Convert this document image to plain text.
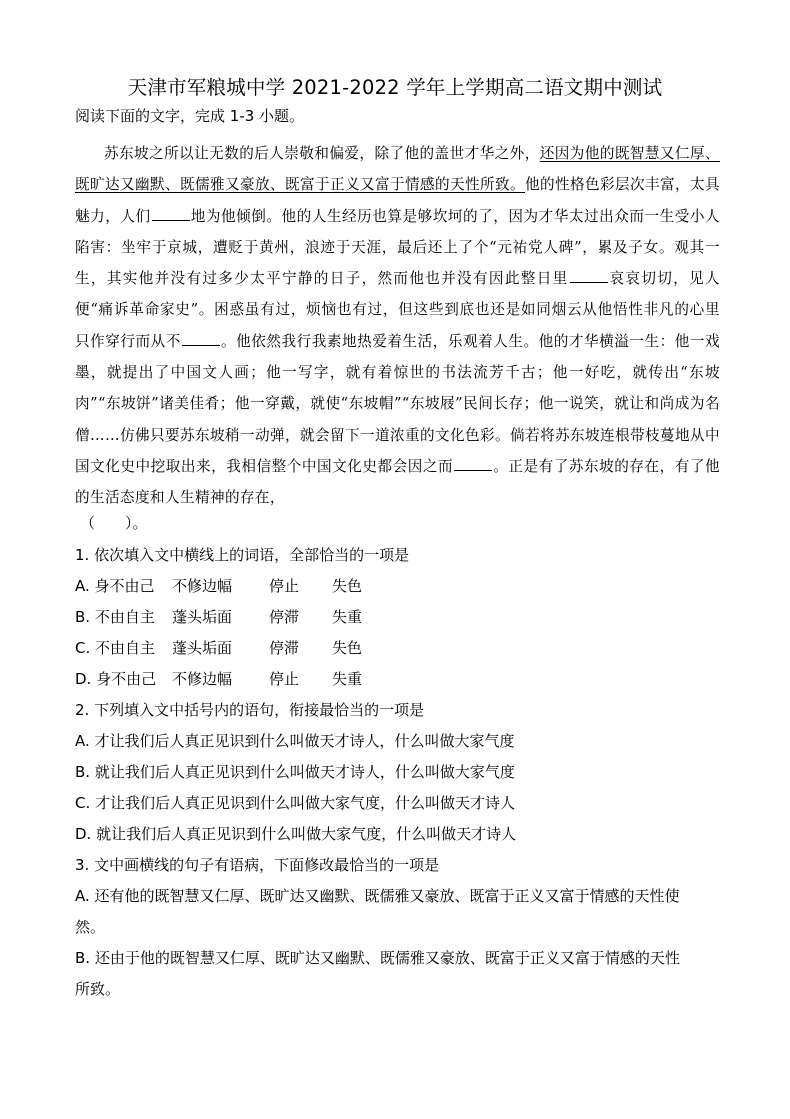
天津市军粮城中学 2021-2022 学年上学期高二语文期中测试
阅读下面的文字，完成 1-3 小题。
苏东坡之所以让无数的后人崇敬和偏爱，除了他的盖世才华之外，还因为他的既智慧又仁厚、既旷达又幽默、既儒雅又豪放、既富于正义又富于情感的天性所致。他的性格色彩层次丰富，太具魅力，人们	地为他倾倒。他的人生经历也算是够坎坷的了，因为才华太过出众而一生受小人陷害：坐牢于京城，遭贬于黄州，浪迹于天涯，最后还上了个“元祐党人碑”，累及子女。观其一生，其实他并没有过多少太平宁静的日子，然而他也并没有因此整日里	哀哀切切，见人便“痛诉革命家史”。困惑虽有过，烦恼也有过，但这些到底也还是如同烟云从他悟性非凡的心里只作穿行而从不	。他依然我行我素地热爱着生活，乐观着人生。他的才华横溢一生：他一戏墨，就提出了中国文人画；他一写字，就有着惊世的书法流芳千古；他一好吃，就传出“东坡肉”“东坡饼”诸美佳肴；他一穿戴，就使“东坡帽”“东坡屐”民间长存；他一说笑，就让和尚成为名僧……仿佛只要苏东坡稍一动弹，就会留下一道浓重的文化色彩。倘若将苏东坡连根带枝蔓地从中国文化史中挖取出来，我相信整个中国文化史都会因之而	。正是有了苏东坡的存在，有了他的生活态度和人生精神的存在，
（　　）。
1. 依次填入文中横线上的词语，全部恰当的一项是
A. 身不由己 不修边幅 停止 失色
B. 不由自主 蓬头垢面 停滞 失重
C. 不由自主 蓬头垢面 停滞 失色
D. 身不由己 不修边幅 停止 失重
2. 下列填入文中括号内的语句，衔接最恰当的一项是
A. 才让我们后人真正见识到什么叫做天才诗人，什么叫做大家气度
B. 就让我们后人真正见识到什么叫做天才诗人，什么叫做大家气度
C. 才让我们后人真正见识到什么叫做大家气度，什么叫做天才诗人
D. 就让我们后人真正见识到什么叫做大家气度，什么叫做天才诗人
3. 文中画横线的句子有语病，下面修改最恰当的一项是
A. 还有他的既智慧又仁厚、既旷达又幽默、既儒雅又豪放、既富于正义又富于情感的天性使
然。
B. 还由于他的既智慧又仁厚、既旷达又幽默、既儒雅又豪放、既富于正义又富于情感的天性
所致。
